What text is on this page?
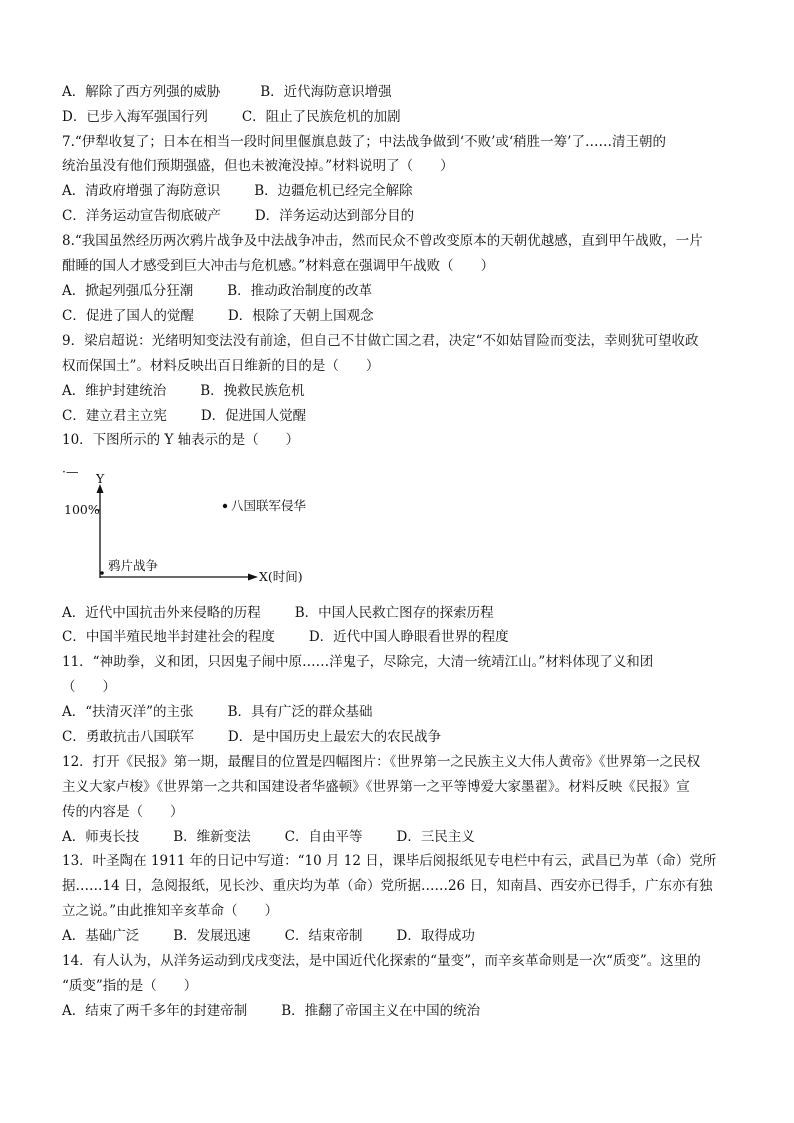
A．解除了西方列强的威胁	B．近代海防意识增强
D．已步入海军强国行列	C．阻止了民族危机的加剧
7.“伊犁收复了；日本在相当一段时间里偃旗息鼓了；中法战争做到‘不败’或‘稍胜一筹’了……清王朝的
统治虽没有他们预期强盛，但也未被淹没掉。”材料说明了（　　）
A．清政府增强了海防意识	B．边疆危机已经完全解除
C．洋务运动宣告彻底破产	D．洋务运动达到部分目的
8.“我国虽然经历两次鸦片战争及中法战争冲击，然而民众不曾改变原本的天朝优越感，直到甲午战败，一片
酣睡的国人才感受到巨大冲击与危机感。”材料意在强调甲午战败（　　）
A．掀起列强瓜分狂潮	B．推动政治制度的改革
C．促进了国人的觉醒	D．根除了天朝上国观念
9．梁启超说：光绪明知变法没有前途，但自己不甘做亡国之君，决定“不如姑冒险而变法，幸则犹可望收政
权而保国土”。材料反映出百日维新的目的是（　　）
A．维护封建统治	B．挽救民族危机
C．建立君主立宪	D．促进国人觉醒
10．下图所示的 Y 轴表示的是（　　）
A．近代中国抗击外来侵略的历程	B．中国人民救亡图存的探索历程
C．中国半殖民地半封建社会的程度	D．近代中国人睁眼看世界的程度
11．“神助拳，义和团，只因鬼子闹中原……洋鬼子，尽除完，大清一统靖江山。”材料体现了义和团
（　　）
A．“扶清灭洋”的主张	B．具有广泛的群众基础
C．勇敢抗击八国联军	D．是中国历史上最宏大的农民战争
12．打开《民报》第一期，最醒目的位置是四幅图片：《世界第一之民族主义大伟人黄帝》《世界第一之民权
主义大家卢梭》《世界第一之共和国建设者华盛顿》《世界第一之平等博爱大家墨翟》。材料反映《民报》宣
传的内容是（　　）
A．师夷长技	B．维新变法	C．自由平等	D．三民主义
13．叶圣陶在 1911 年的日记中写道：“10 月 12 日，课毕后阅报纸见专电栏中有云，武昌已为革（命）党所
据……14 日，急阅报纸，见长沙、重庆均为革（命）党所据……26 日，知南昌、西安亦已得手，广东亦有独
立之说。”由此推知辛亥革命（　　）
A．基础广泛	B．发展迅速	C．结束帝制	D．取得成功
14．有人认为，从洋务运动到戊戌变法，是中国近代化探索的“量变”，而辛亥革命则是一次“质变”。这里的
“质变”指的是（　　）
A．结束了两千多年的封建帝制	B．推翻了帝国主义在中国的统治
·— Y
100%
X(时间)
鸦片战争
八国联军侵华
